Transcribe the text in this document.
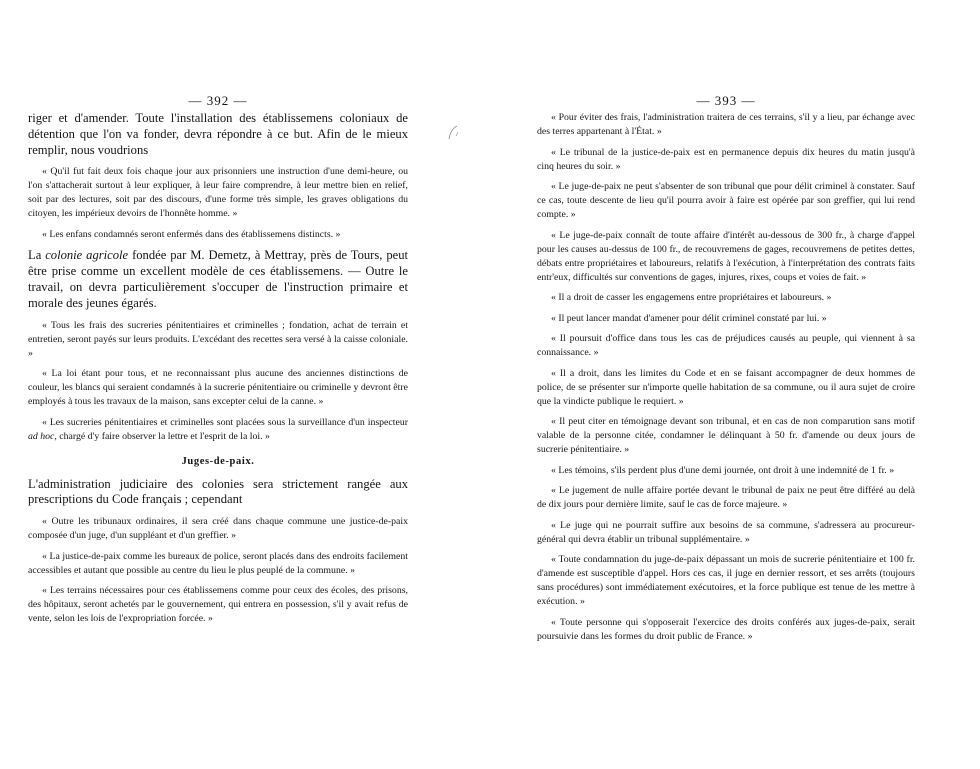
— 392 —

riger et d'amender. Toute l'installation des établissemens coloniaux de détention que l'on va fonder, devra répondre à ce but. Afin de le mieux remplir, nous voudrions

« Qu'il fut fait deux fois chaque jour aux prisonniers une instruction d'une demi-heure, ou l'on s'attacherait surtout à leur expliquer, à leur faire comprendre, à leur mettre bien en relief, soit par des lectures, soit par des discours, d'une forme très simple, les graves obligations du citoyen, les impérieux devoirs de l'honnête homme. »

« Les enfans condamnés seront enfermés dans des établissemens distincts. »

La colonie agricole fondée par M. Demetz, à Mettray, près de Tours, peut être prise comme un excellent modèle de ces établissemens. — Outre le travail, on devra particulièrement s'occuper de l'instruction primaire et morale des jeunes égarés.

« Tous les frais des sucreries pénitentiaires et criminelles ; fondation, achat de terrain et entretien, seront payés sur leurs produits. L'excédant des recettes sera versé à la caisse coloniale. »

« La loi étant pour tous, et ne reconnaissant plus aucune des anciennes distinctions de couleur, les blancs qui seraient condamnés à la sucrerie pénitentiaire ou criminelle y devront être employés à tous les travaux de la maison, sans excepter celui de la canne. »

« Les sucreries pénitentiaires et criminelles sont placées sous la surveillance d'un inspecteur ad hoc, chargé d'y faire observer la lettre et l'esprit de la loi. »

Juges-de-paix.

L'administration judiciaire des colonies sera strictement rangée aux prescriptions du Code français ; cependant

« Outre les tribunaux ordinaires, il sera créé dans chaque commune une justice-de-paix composée d'un juge, d'un suppléant et d'un greffier. »

« La justice-de-paix comme les bureaux de police, seront placés dans des endroits facilement accessibles et autant que possible au centre du lieu le plus peuplé de la commune. »

« Les terrains nécessaires pour ces établissemens comme pour ceux des écoles, des prisons, des hôpitaux, seront achetés par le gouvernement, qui entrera en possession, s'il y avait refus de vente, selon les lois de l'expropriation forcée. »

— 393 —

« Pour éviter des frais, l'administration traitera de ces terrains, s'il y a lieu, par échange avec des terres appartenant à l'État. »

« Le tribunal de la justice-de-paix est en permanence depuis dix heures du matin jusqu'à cinq heures du soir. »

« Le juge-de-paix ne peut s'absenter de son tribunal que pour délit criminel à constater. Sauf ce cas, toute descente de lieu qu'il pourra avoir à faire est opérée par son greffier, qui lui rend compte. »

« Le juge-de-paix connaît de toute affaire d'intérêt au-dessous de 300 fr., à charge d'appel pour les causes au-dessus de 100 fr., de recouvremens de gages, recouvremens de petites dettes, débats entre propriétaires et laboureurs, relatifs à l'exécution, à l'interprétation des contrats faits entr'eux, difficultés sur conventions de gages, injures, rixes, coups et voies de fait. »

« Il a droit de casser les engagemens entre propriétaires et laboureurs. »

« Il peut lancer mandat d'amener pour délit criminel constaté par lui. »

« Il poursuit d'office dans tous les cas de préjudices causés au peuple, qui viennent à sa connaissance. »

« Il a droit, dans les limites du Code et en se faisant accompagner de deux hommes de police, de se présenter sur n'importe quelle habitation de sa commune, ou il aura sujet de croire que la vindicte publique le requiert. »

« Il peut citer en témoignage devant son tribunal, et en cas de non comparution sans motif valable de la personne citée, condamner le délinquant à 50 fr. d'amende ou deux jours de sucrerie pénitentiaire. »

« Les témoins, s'ils perdent plus d'une demi journée, ont droit à une indemnité de 1 fr. »

« Le jugement de nulle affaire portée devant le tribunal de paix ne peut être différé au delà de dix jours pour dernière limite, sauf le cas de force majeure. »

« Le juge qui ne pourrait suffire aux besoins de sa commune, s'adressera au procureur-général qui devra établir un tribunal supplémentaire. »

« Toute condamnation du juge-de-paix dépassant un mois de sucrerie pénitentiaire et 100 fr. d'amende est susceptible d'appel. Hors ces cas, il juge en dernier ressort, et ses arrêts (toujours sans procédures) sont immédiatement exécutoires, et la force publique est tenue de les mettre à exécution. »

« Toute personne qui s'opposerait l'exercice des droits conférés aux juges-de-paix, serait poursuivie dans les formes du droit public de France. »
